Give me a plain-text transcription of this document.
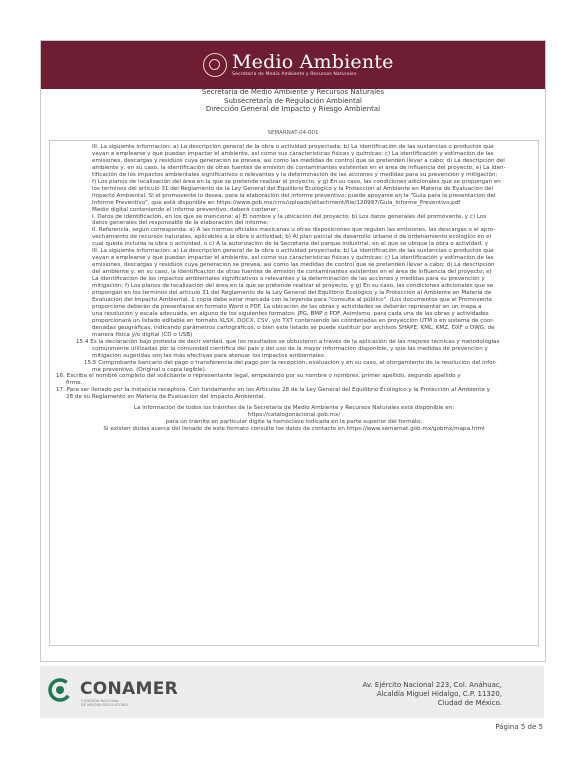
Medio Ambiente
Secretaría de Medio Ambiente y Recursos Naturales
Secretaría de Medio Ambiente y Recursos Naturales
Subsecretaría de Regulación Ambiental
Dirección General de Impacto y Riesgo Ambiental
SEMARNAT-04-001
III. La siguiente información: a) La descripción general de la obra o actividad proyectada; b) La identificación de las sustancias o productos que
vayan a emplearse y que puedan impactar el ambiente, así como sus características físicas y químicas; c) La identificación y estimación de las
emisiones, descargas y residuos cuya generación se prevea, así como las medidas de control que se pretenden llevar a cabo; d) La descripción del
ambiente y, en su caso, la identificación de otras fuentes de emisión de contaminantes existentes en el área de influencia del proyecto; e) La iden-
tificación de los impactos ambientales significativos o relevantes y la determinación de las acciones y medidas para su prevención y mitigación;
f) Los planos de localización del área en la que se pretende realizar el proyecto, y g) En su caso, las condiciones adicionales que se propongan en
los términos del artículo 31 del Reglamento de la Ley General del Equilibrio Ecológico y la Protección al Ambiente en Materia de Evaluación del
Impacto Ambiental. Si el promovente lo desea, para la elaboración del informe preventivo, puede apoyarse en la "Guía para la presentación del
Informe Preventivo", que está disponible en https://www.gob.mx/cms/uploads/attachment/file/120997/Guia_Informe_Preventivo.pdf
Medio digital conteniendo el informe preventivo, deberá contener:
I. Datos de identificación, en los que se mencione: a) El nombre y la ubicación del proyecto; b) Los datos generales del promovente, y c) Los
datos generales del responsable de la elaboración del informe;
II. Referencia, según corresponda: a) A las normas oficiales mexicanas u otras disposiciones que regulen las emisiones, las descargas o el apro-
vechamiento de recursos naturales, aplicables a la obra o actividad; b) Al plan parcial de desarrollo urbano o de ordenamiento ecológico en el
cual queda incluida la obra o actividad, o c) A la autorización de la Secretaría del parque industrial, en el que se ubique la obra o actividad, y
III. La siguiente información: a) La descripción general de la obra o actividad proyectada; b) La identificación de las sustancias o productos que
vayan a emplearse y que puedan impactar el ambiente, así como sus características físicas y químicas; c) La identificación y estimación de las
emisiones, descargas y residuos cuya generación se prevea, así como las medidas de control que se pretenden llevar a cabo; d) La descripción
del ambiente y, en su caso, la identificación de otras fuentes de emisión de contaminantes existentes en el área de influencia del proyecto; e)
La identificación de los impactos ambientales significativos o relevantes y la determinación de las acciones y medidas para su prevención y
mitigación; f) Los planos de localización del área en la que se pretende realizar el proyecto, y g) En su caso, las condiciones adicionales que se
propongan en los términos del artículo 31 del Reglamento de la Ley General del Equilibrio Ecológico y la Protección al Ambiente en Materia de
Evaluación del Impacto Ambiental. 1 copia debe estar marcada con la leyenda para "consulta al público". (Los documentos que el Promovente
proporcione deberán de presentarse en formato Word o PDF. La ubicación de las obras y actividades se deberán representar en un mapa a
una resolución y escala adecuada, en alguno de los siguientes formatos: JPG, BMP o PDF. Asimismo, para cada una de las obras y actividades
proporcionará un listado editable en formato XLSX, DOCX, CSV, y/o TXT conteniendo las coordenadas en proyección UTM o en sistema de coor-
denadas geográficas, indicando parámetros cartográficos, o bien este listado se puede sustituir por archivos SHAPE, KML, KMZ, DXF o DWG, de
manera física y/o digital (CD o USB)
15.4 Es la declaración bajo protesta de decir verdad, que los resultados se obtuvieron a través de la aplicación de las mejores técnicas y metodologías
comúnmente utilizadas por la comunidad científica del país y del uso de la mayor información disponible, y que las medidas de prevención y
mitigación sugeridas son las más efectivas para atenuar los impactos ambientales.
15.5 Comprobante bancario del pago o transferencia del pago por la recepción, evaluación y en su caso, el otorgamiento de la resolución del infor-
me preventivo. (Original o copia legible).
16. Escriba el nombre completo del solicitante o representante legal, empezando por su nombre o nombres, primer apellido, segundo apellido y
firme.
17. Para ser llenado por la instancia receptora. Con fundamento en los Artículos 28 de la Ley General del Equilibrio Ecológico y la Protección al Ambiente y
28 de su Reglamento en Materia de Evaluación del Impacto Ambiental.
La información de todos los trámites de la Secretaría de Medio Ambiente y Recursos Naturales está disponible en:
https://catalogonacional.gob.mx/
para un trámite en particular digite la homoclave indicada en la parte superior del formato.
Si existen dudas acerca del llenado de este formato consulte los datos de contacto en https://www.semarnat.gob.mx/gobmx/mapa.html
CONAMER
COMISIÓN NACIONAL
DE MEJORA REGULATORIA
Av. Ejército Nacional 223, Col. Anáhuac,
Alcaldía Miguel Hidalgo, C.P. 11320,
Ciudad de México.
Página 5 de 5
